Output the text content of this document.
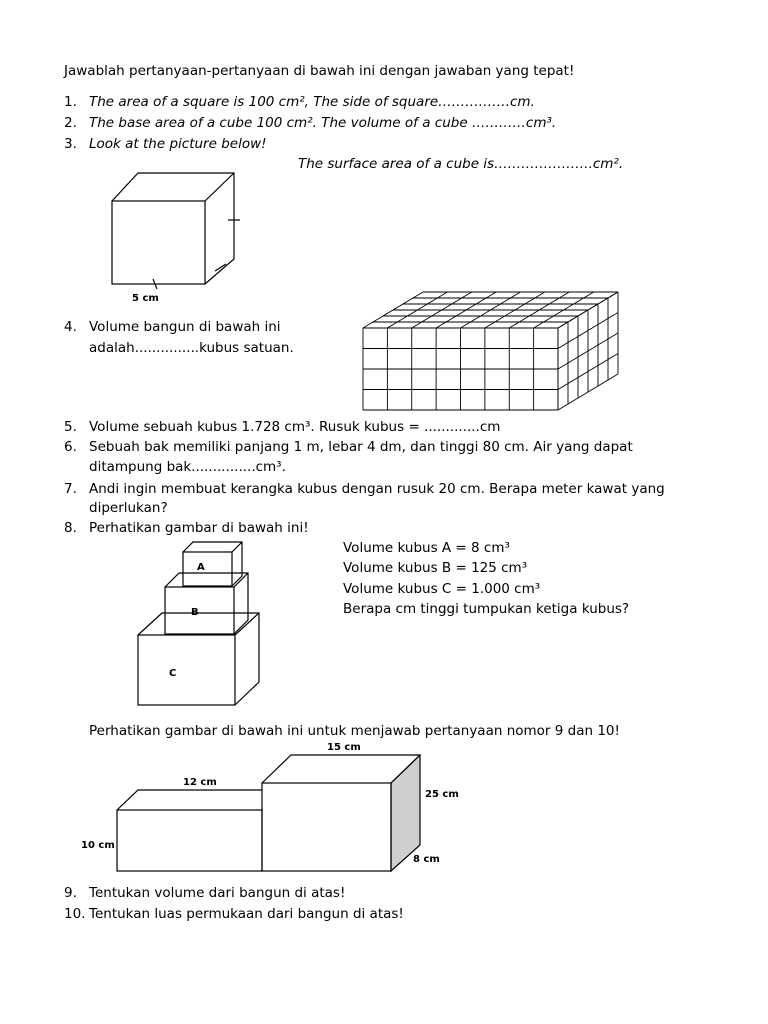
Jawablah pertanyaan-pertanyaan di bawah ini dengan jawaban yang tepat!
1. The area of a square is 100 cm², The side of square…………….cm.
2. The base area of a cube 100 cm². The volume of a cube …………cm³.
3. Look at the picture below!
The surface area of a cube is………………….cm².
5 cm
4. Volume bangun di bawah ini
adalah...............kubus satuan.
5. Volume sebuah kubus 1.728 cm³. Rusuk kubus = .............cm
6. Sebuah bak memiliki panjang 1 m, lebar 4 dm, dan tinggi 80 cm. Air yang dapat
ditampung bak...............cm³.
7. Andi ingin membuat kerangka kubus dengan rusuk 20 cm. Berapa meter kawat yang
diperlukan?
8. Perhatikan gambar di bawah ini!
Volume kubus A = 8 cm³
Volume kubus B = 125 cm³
Volume kubus C = 1.000 cm³
Berapa cm tinggi tumpukan ketiga kubus?
A
B
C
Perhatikan gambar di bawah ini untuk menjawab pertanyaan nomor 9 dan 10!
15 cm
12 cm
25 cm
10 cm
8 cm
9. Tentukan volume dari bangun di atas!
10. Tentukan luas permukaan dari bangun di atas!
